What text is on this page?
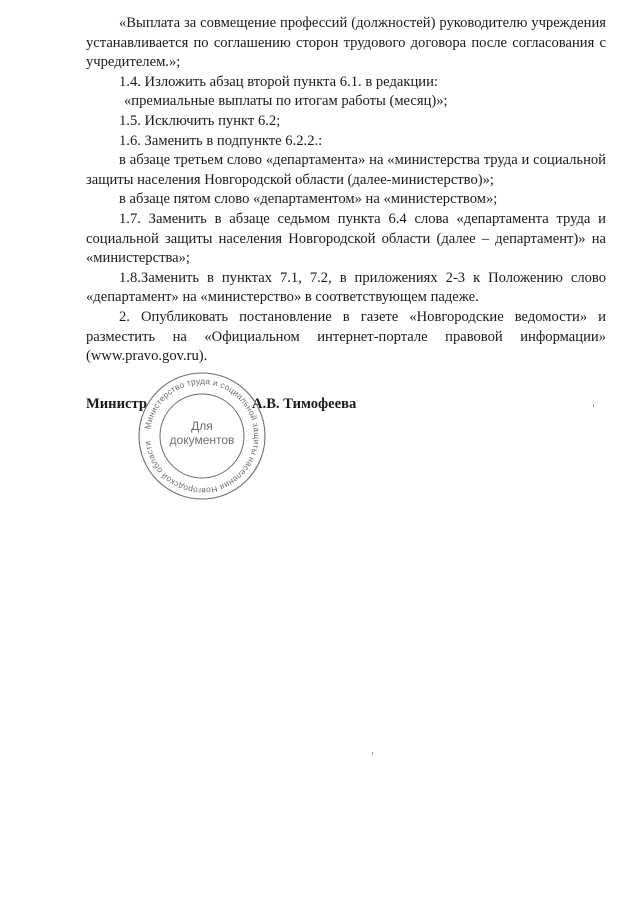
«Выплата за совмещение профессий (должностей) руководителю учреждения устанавливается по соглашению сторон трудового договора после согласования с учредителем.»;

1.4. Изложить абзац второй пункта 6.1. в редакции:

«премиальные выплаты по итогам работы (месяц)»;

1.5. Исключить пункт 6.2;

1.6. Заменить в подпункте 6.2.2.:

в абзаце третьем слово «департамента» на «министерства труда и социальной защиты населения Новгородской области (далее-министерство)»;

в абзаце пятом слово «департаментом» на «министерством»;

1.7. Заменить в абзаце седьмом пункта 6.4 слова «департамента труда и социальной защиты населения Новгородской области (далее – департамент)» на «министерства»;

1.8.Заменить в пунктах 7.1, 7.2, в приложениях 2-3 к Положению слово «департамент» на «министерство» в соответствующем падеже.

2. Опубликовать постановление в газете «Новгородские ведомости» и разместить на «Официальном интернет-портале правовой информации» (www.pravo.gov.ru).

Министр	А.В. Тимофеева
Министерство труда и социальной защиты населения Новгородской области
Для
документов
